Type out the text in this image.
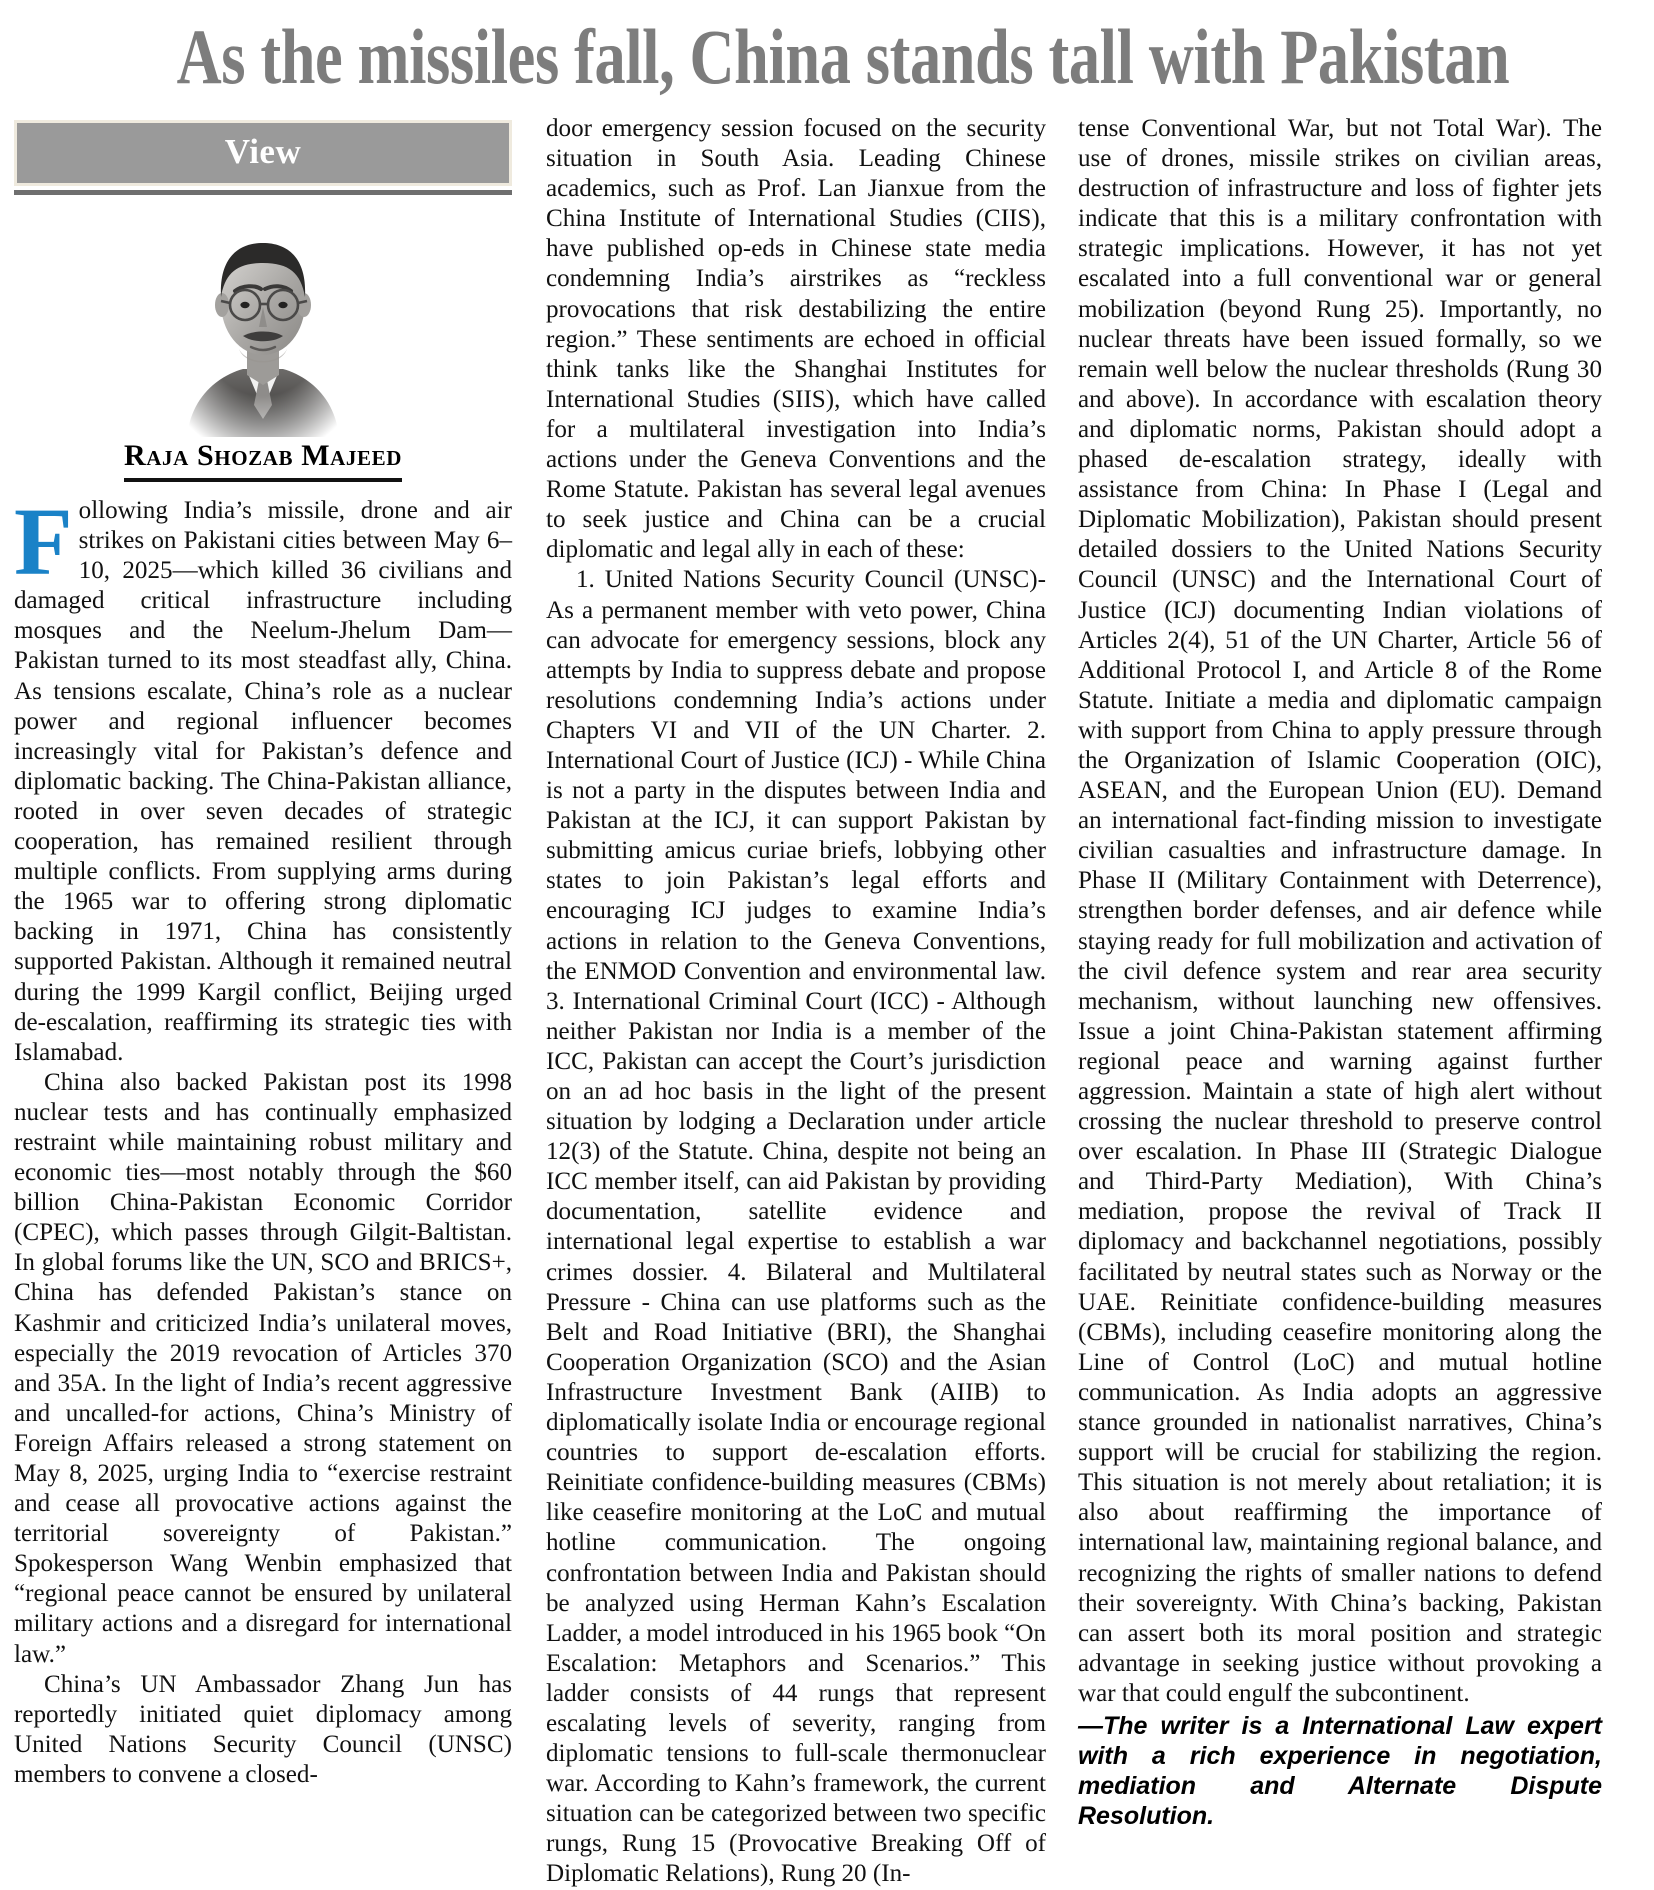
As the missiles fall, China stands tall with Pakistan
View
Raja Shozab Majeed

Following India’s missile, drone and air strikes on Pakistani cities between May 6–10, 2025—which killed 36 civilians and damaged critical infrastructure including mosques and the Neelum-Jhelum Dam—Pakistan turned to its most steadfast ally, China. As tensions escalate, China’s role as a nuclear power and regional influencer becomes increasingly vital for Pakistan’s defence and diplomatic backing. The China-Pakistan alliance, rooted in over seven decades of strategic cooperation, has remained resilient through multiple conflicts. From supplying arms during the 1965 war to offering strong diplomatic backing in 1971, China has consistently supported Pakistan. Although it remained neutral during the 1999 Kargil conflict, Beijing urged de-escalation, reaffirming its strategic ties with Islamabad.

China also backed Pakistan post its 1998 nuclear tests and has continually emphasized restraint while maintaining robust military and economic ties—most notably through the $60 billion China-Pakistan Economic Corridor (CPEC), which passes through Gilgit-Baltistan. In global forums like the UN, SCO and BRICS+, China has defended Pakistan’s stance on Kashmir and criticized India’s unilateral moves, especially the 2019 revocation of Articles 370 and 35A. In the light of India’s recent aggressive and uncalled-for actions, China’s Ministry of Foreign Affairs released a strong statement on May 8, 2025, urging India to “exercise restraint and cease all provocative actions against the territorial sovereignty of Pakistan.” Spokesperson Wang Wenbin emphasized that “regional peace cannot be ensured by unilateral military actions and a disregard for international law.”

China’s UN Ambassador Zhang Jun has reportedly initiated quiet diplomacy among United Nations Security Council (UNSC) members to convene a closed-

door emergency session focused on the security situation in South Asia. Leading Chinese academics, such as Prof. Lan Jianxue from the China Institute of International Studies (CIIS), have published op-eds in Chinese state media condemning India’s airstrikes as “reckless provocations that risk destabilizing the entire region.” These sentiments are echoed in official think tanks like the Shanghai Institutes for International Studies (SIIS), which have called for a multilateral investigation into India’s actions under the Geneva Conventions and the Rome Statute. Pakistan has several legal avenues to seek justice and China can be a crucial diplomatic and legal ally in each of these:

1. United Nations Security Council (UNSC)- As a permanent member with veto power, China can advocate for emergency sessions, block any attempts by India to suppress debate and propose resolutions condemning India’s actions under Chapters VI and VII of the UN Charter. 2. International Court of Justice (ICJ) - While China is not a party in the disputes between India and Pakistan at the ICJ, it can support Pakistan by submitting amicus curiae briefs, lobbying other states to join Pakistan’s legal efforts and encouraging ICJ judges to examine India’s actions in relation to the Geneva Conventions, the ENMOD Convention and environmental law. 3. International Criminal Court (ICC) - Although neither Pakistan nor India is a member of the ICC, Pakistan can accept the Court’s jurisdiction on an ad hoc basis in the light of the present situation by lodging a Declaration under article 12(3) of the Statute. China, despite not being an ICC member itself, can aid Pakistan by providing documentation, satellite evidence and international legal expertise to establish a war crimes dossier. 4. Bilateral and Multilateral Pressure - China can use platforms such as the Belt and Road Initiative (BRI), the Shanghai Cooperation Organization (SCO) and the Asian Infrastructure Investment Bank (AIIB) to diplomatically isolate India or encourage regional countries to support de-escalation efforts. Reinitiate confidence-building measures (CBMs) like ceasefire monitoring at the LoC and mutual hotline communication. The ongoing confrontation between India and Pakistan should be analyzed using Herman Kahn’s Escalation Ladder, a model introduced in his 1965 book “On Escalation: Metaphors and Scenarios.” This ladder consists of 44 rungs that represent escalating levels of severity, ranging from diplomatic tensions to full-scale thermonuclear war. According to Kahn’s framework, the current situation can be categorized between two specific rungs, Rung 15 (Provocative Breaking Off of Diplomatic Relations), Rung 20 (In-

tense Conventional War, but not Total War). The use of drones, missile strikes on civilian areas, destruction of infrastructure and loss of fighter jets indicate that this is a military confrontation with strategic implications. However, it has not yet escalated into a full conventional war or general mobilization (beyond Rung 25). Importantly, no nuclear threats have been issued formally, so we remain well below the nuclear thresholds (Rung 30 and above). In accordance with escalation theory and diplomatic norms, Pakistan should adopt a phased de-escalation strategy, ideally with assistance from China: In Phase I (Legal and Diplomatic Mobilization), Pakistan should present detailed dossiers to the United Nations Security Council (UNSC) and the International Court of Justice (ICJ) documenting Indian violations of Articles 2(4), 51 of the UN Charter, Article 56 of Additional Protocol I, and Article 8 of the Rome Statute. Initiate a media and diplomatic campaign with support from China to apply pressure through the Organization of Islamic Cooperation (OIC), ASEAN, and the European Union (EU). Demand an international fact-finding mission to investigate civilian casualties and infrastructure damage. In Phase II (Military Containment with Deterrence), strengthen border defenses, and air defence while staying ready for full mobilization and activation of the civil defence system and rear area security mechanism, without launching new offensives. Issue a joint China-Pakistan statement affirming regional peace and warning against further aggression. Maintain a state of high alert without crossing the nuclear threshold to preserve control over escalation. In Phase III (Strategic Dialogue and Third-Party Mediation), With China’s mediation, propose the revival of Track II diplomacy and backchannel negotiations, possibly facilitated by neutral states such as Norway or the UAE. Reinitiate confidence-building measures (CBMs), including ceasefire monitoring along the Line of Control (LoC) and mutual hotline communication. As India adopts an aggressive stance grounded in nationalist narratives, China’s support will be crucial for stabilizing the region. This situation is not merely about retaliation; it is also about reaffirming the importance of international law, maintaining regional balance, and recognizing the rights of smaller nations to defend their sovereignty. With China’s backing, Pakistan can assert both its moral position and strategic advantage in seeking justice without provoking a war that could engulf the subcontinent.

—The writer is a International Law expert with a rich experience in negotiation, mediation and Alternate Dispute Resolution.
